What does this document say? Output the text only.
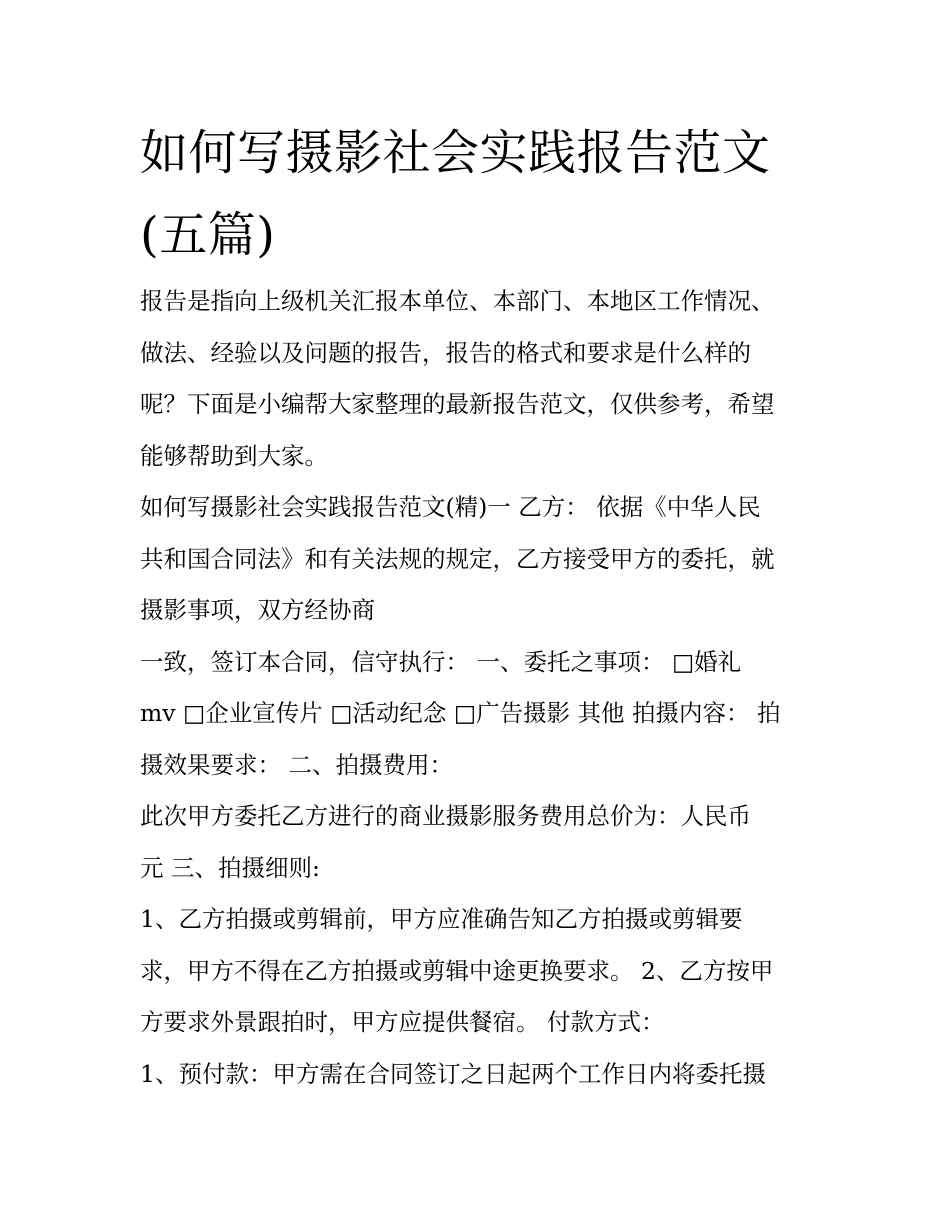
如何写摄影社会实践报告范文
(五篇)
报告是指向上级机关汇报本单位、本部门、本地区工作情况、
做法、经验以及问题的报告，报告的格式和要求是什么样的
呢？下面是小编帮大家整理的最新报告范文，仅供参考，希望
能够帮助到大家。
如何写摄影社会实践报告范文(精)一 乙方： 依据《中华人民
共和国合同法》和有关法规的规定，乙方接受甲方的委托，就
摄影事项，双方经协商
一致，签订本合同，信守执行： 一、委托之事项： □婚礼
mv □企业宣传片 □活动纪念 □广告摄影 其他 拍摄内容： 拍
摄效果要求： 二、拍摄费用：
此次甲方委托乙方进行的商业摄影服务费用总价为：人民币
元 三、拍摄细则:
1、乙方拍摄或剪辑前，甲方应准确告知乙方拍摄或剪辑要
求，甲方不得在乙方拍摄或剪辑中途更换要求。 2、乙方按甲
方要求外景跟拍时，甲方应提供餐宿。 付款方式：
1、预付款：甲方需在合同签订之日起两个工作日内将委托摄
